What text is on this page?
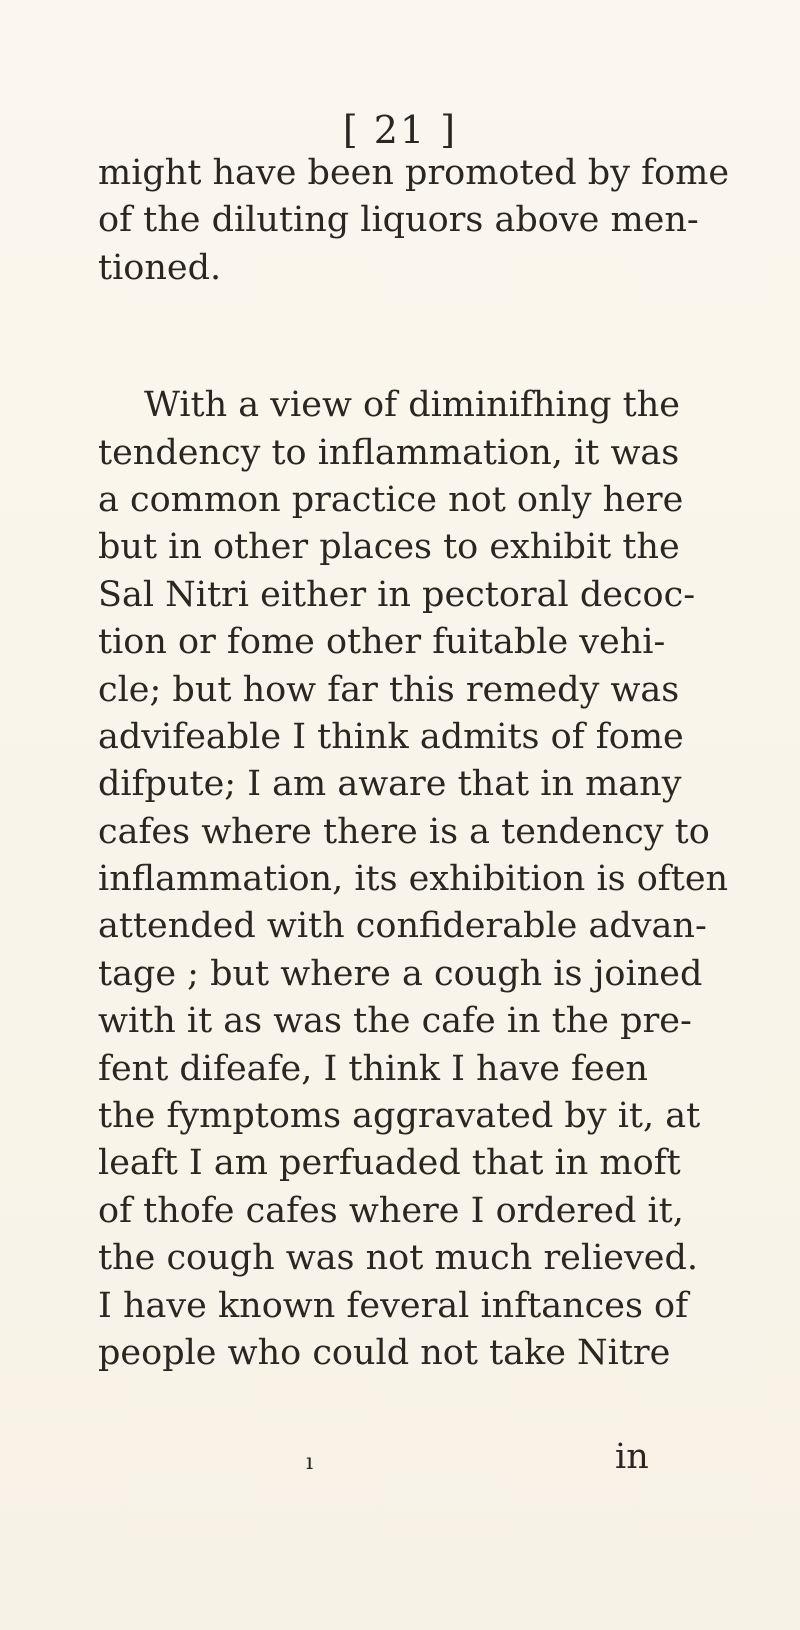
[ 21 ]
might have been promoted by fome
of the diluting liquors above men-
tioned.
With a view of diminifhing the
tendency to inflammation, it was
a common practice not only here
but in other places to exhibit the
Sal Nitri either in pectoral decoc-
tion or fome other fuitable vehi-
cle; but how far this remedy was
advifeable I think admits of fome
difpute; I am aware that in many
cafes where there is a tendency to
inflammation, its exhibition is often
attended with confiderable advan-
tage ; but where a cough is joined
with it as was the cafe in the pre-
fent difeafe, I think I have feen
the fymptoms aggravated by it, at
leaft I am perfuaded that in moft
of thofe cafes where I ordered it,
the cough was not much relieved.
I have known feveral inftances of
people who could not take Nitre
ı	in
